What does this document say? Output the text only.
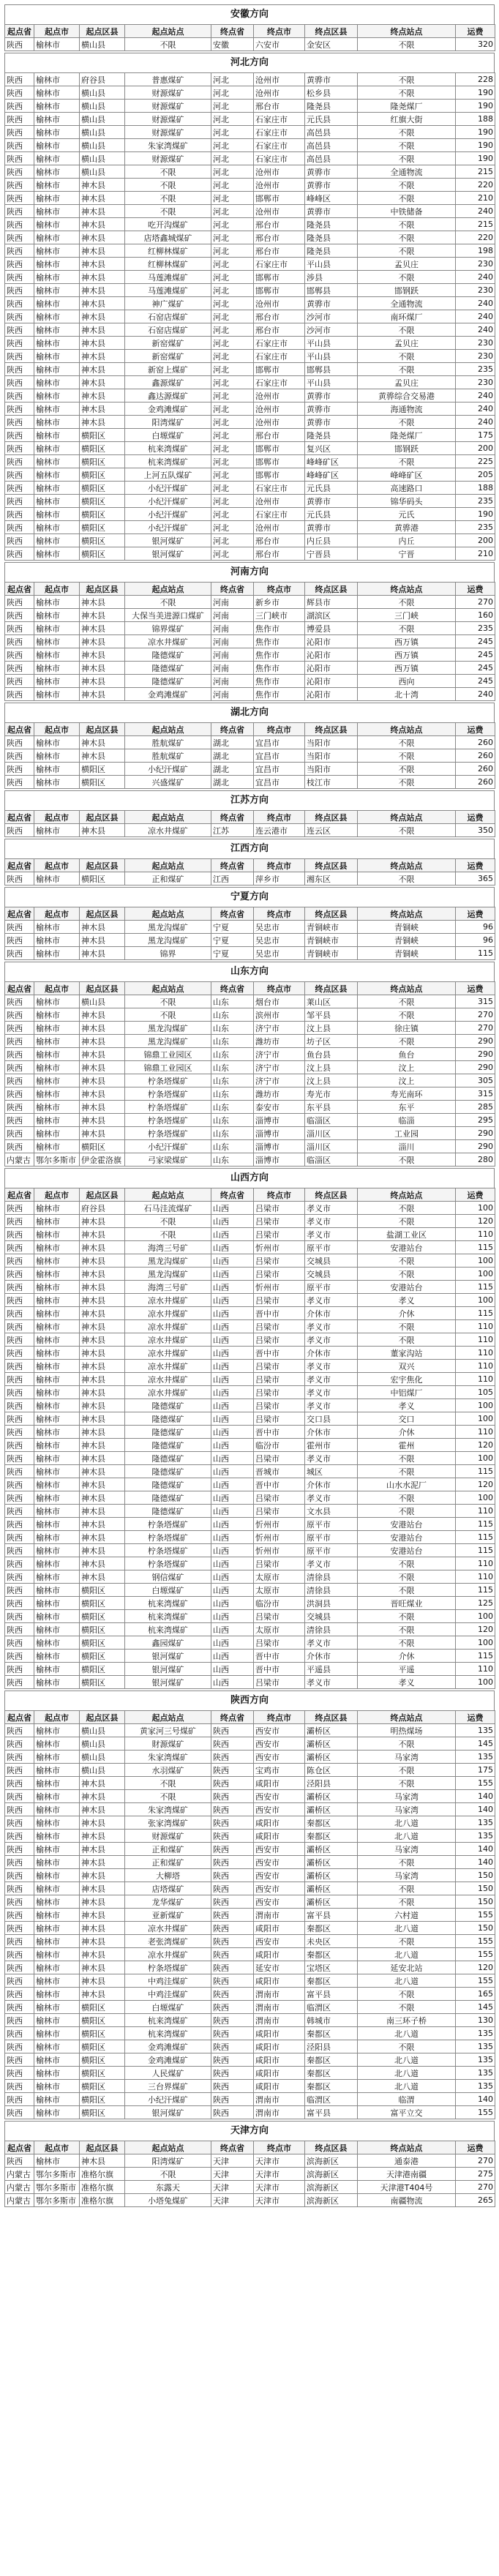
安徽方向
起点省	起点市	起点区县	起点站点	终点省	终点市	终点区县	终点站点	运费
陕西	榆林市	横山县	不限	安徽	六安市	金安区	不限	320
河北方向
陕西	榆林市	府谷县	普惠煤矿	河北	沧州市	黄骅市	不限	228
陕西	榆林市	横山县	财源煤矿	河北	沧州市	松乡县	不限	190
陕西	榆林市	横山县	财源煤矿	河北	邢台市	隆尧县	隆尧煤厂	190
陕西	榆林市	横山县	财源煤矿	河北	石家庄市	元氏县	红旗大街	188
陕西	榆林市	横山县	财源煤矿	河北	石家庄市	高邑县	不限	190
陕西	榆林市	横山县	朱家湾煤矿	河北	石家庄市	高邑县	不限	190
陕西	榆林市	横山县	财源煤矿	河北	石家庄市	高邑县	不限	190
陕西	榆林市	横山县	不限	河北	沧州市	黄骅市	全通物流	215
陕西	榆林市	神木县	不限	河北	沧州市	黄骅市	不限	220
陕西	榆林市	神木县	不限	河北	邯郸市	峰峰区	不限	210
陕西	榆林市	神木县	不限	河北	沧州市	黄骅市	中铁储备	240
陕西	榆林市	神木县	吃开沟煤矿	河北	邢台市	隆尧县	不限	215
陕西	榆林市	神木县	店塔鑫城煤矿	河北	邢台市	隆尧县	不限	220
陕西	榆林市	神木县	红柳林煤矿	河北	邢台市	隆尧县	不限	198
陕西	榆林市	神木县	红柳林煤矿	河北	石家庄市	平山县	孟贝庄	230
陕西	榆林市	神木县	马莲滩煤矿	河北	邯郸市	涉县	不限	240
陕西	榆林市	神木县	马莲滩煤矿	河北	邯郸市	邯郸县	邯钢跃	230
陕西	榆林市	神木县	神广煤矿	河北	沧州市	黄骅市	全通物流	240
陕西	榆林市	神木县	石窑店煤矿	河北	邢台市	沙河市	南环煤厂	240
陕西	榆林市	神木县	石窑店煤矿	河北	邢台市	沙河市	不限	240
陕西	榆林市	神木县	新窑煤矿	河北	石家庄市	平山县	孟贝庄	230
陕西	榆林市	神木县	新窑煤矿	河北	石家庄市	平山县	不限	230
陕西	榆林市	神木县	新窑上煤矿	河北	邯郸市	邯郸县	不限	235
陕西	榆林市	神木县	鑫源煤矿	河北	石家庄市	平山县	孟贝庄	230
陕西	榆林市	神木县	鑫达源煤矿	河北	沧州市	黄骅市	黄骅综合交易港	240
陕西	榆林市	神木县	金鸡滩煤矿	河北	沧州市	黄骅市	海通物流	240
陕西	榆林市	神木县	阳湾煤矿	河北	沧州市	黄骅市	不限	240
陕西	榆林市	横阳区	白塬煤矿	河北	邢台市	隆尧县	隆尧煤厂	175
陕西	榆林市	横阳区	杭来湾煤矿	河北	邯郸市	复兴区	邯钢跃	200
陕西	榆林市	横阳区	杭来湾煤矿	河北	邯郸市	峰峰矿区	不限	225
陕西	榆林市	横阳区	上河五队煤矿	河北	邯郸市	峰峰矿区	峰峰矿区	205
陕西	榆林市	横阳区	小纪汗煤矿	河北	石家庄市	元氏县	高速路口	188
陕西	榆林市	横阳区	小纪汗煤矿	河北	沧州市	黄骅市	锦华码头	235
陕西	榆林市	横阳区	小纪汗煤矿	河北	石家庄市	元氏县	元氏	190
陕西	榆林市	横阳区	小纪汗煤矿	河北	沧州市	黄骅市	黄骅港	235
陕西	榆林市	横阳区	银河煤矿	河北	邢台市	内丘县	内丘	200
陕西	榆林市	横阳区	银河煤矿	河北	邢台市	宁晋县	宁晋	210
河南方向
起点省	起点市	起点区县	起点站点	终点省	终点市	终点区县	终点站点	运费
陕西	榆林市	神木县	不限	河南	新乡市	辉县市	不限	270
陕西	榆林市	神木县	大保当美进源口煤矿	河南	三门峡市	湖滨区	三门峡	160
陕西	榆林市	神木县	锦界煤矿	河南	焦作市	博爱县	不限	235
陕西	榆林市	神木县	凉水井煤矿	河南	焦作市	沁阳市	西万镇	245
陕西	榆林市	神木县	隆德煤矿	河南	焦作市	沁阳市	西万镇	245
陕西	榆林市	神木县	隆德煤矿	河南	焦作市	沁阳市	西万镇	245
陕西	榆林市	神木县	隆德煤矿	河南	焦作市	沁阳市	西向	245
陕西	榆林市	神木县	金鸡滩煤矿	河南	焦作市	沁阳市	北十湾	240
湖北方向
起点省	起点市	起点区县	起点站点	终点省	终点市	终点区县	终点站点	运费
陕西	榆林市	神木县	胜航煤矿	湖北	宜昌市	当阳市	不限	260
陕西	榆林市	神木县	胜航煤矿	湖北	宜昌市	当阳市	不限	260
陕西	榆林市	横阳区	小纪汗煤矿	湖北	宜昌市	当阳市	不限	260
陕西	榆林市	横阳区	兴盛煤矿	湖北	宜昌市	枝江市	不限	260
江苏方向
起点省	起点市	起点区县	起点站点	终点省	终点市	终点区县	终点站点	运费
陕西	榆林市	神木县	凉水井煤矿	江苏	连云港市	连云区	不限	350
江西方向
起点省	起点市	起点区县	起点站点	终点省	终点市	终点区县	终点站点	运费
陕西	榆林市	横阳区	正和煤矿	江西	萍乡市	湘东区	不限	365
宁夏方向
起点省	起点市	起点区县	起点站点	终点省	终点市	终点区县	终点站点	运费
陕西	榆林市	神木县	黑龙沟煤矿	宁夏	吴忠市	青铜峡市	青铜峡	96
陕西	榆林市	神木县	黑龙沟煤矿	宁夏	吴忠市	青铜峡市	青铜峡	96
陕西	榆林市	神木县	锦界	宁夏	吴忠市	青铜峡市	青铜峡	115
山东方向
起点省	起点市	起点区县	起点站点	终点省	终点市	终点区县	终点站点	运费
陕西	榆林市	横山县	不限	山东	烟台市	莱山区	不限	315
陕西	榆林市	神木县	不限	山东	滨州市	邹平县	不限	270
陕西	榆林市	神木县	黑龙沟煤矿	山东	济宁市	汶上县	徐庄镇	270
陕西	榆林市	神木县	黑龙沟煤矿	山东	潍坊市	坊子区	不限	290
陕西	榆林市	神木县	锦鼎工业园区	山东	济宁市	鱼台县	鱼台	290
陕西	榆林市	神木县	锦鼎工业园区	山东	济宁市	汶上县	汶上	290
陕西	榆林市	神木县	柠条塔煤矿	山东	济宁市	汶上县	汶上	305
陕西	榆林市	神木县	柠条塔煤矿	山东	潍坊市	寿光市	寿光南环	315
陕西	榆林市	神木县	柠条塔煤矿	山东	泰安市	东平县	东平	285
陕西	榆林市	神木县	柠条塔煤矿	山东	淄博市	临淄区	临淄	295
陕西	榆林市	神木县	柠条塔煤矿	山东	淄博市	淄川区	工业园	290
陕西	榆林市	横阳区	小纪汗煤矿	山东	淄博市	淄川区	淄川	290
内蒙古	鄂尔多斯市	伊金霍洛旗	弓家梁煤矿	山东	淄博市	临淄区	不限	280
山西方向
起点省	起点市	起点区县	起点站点	终点省	终点市	终点区县	终点站点	运费
陕西	榆林市	府谷县	石马洼流煤矿	山西	吕梁市	孝义市	不限	100
陕西	榆林市	神木县	不限	山西	吕梁市	孝义市	不限	120
陕西	榆林市	神木县	不限	山西	吕梁市	孝义市	盐湖工业区	110
陕西	榆林市	神木县	海湾三号矿	山西	忻州市	原平市	安港站台	115
陕西	榆林市	神木县	黑龙沟煤矿	山西	吕梁市	交城县	不限	100
陕西	榆林市	神木县	黑龙沟煤矿	山西	吕梁市	交城县	不限	100
陕西	榆林市	神木县	海湾三号矿	山西	忻州市	原平市	安港站台	115
陕西	榆林市	神木县	凉水井煤矿	山西	吕梁市	孝义市	孝义	100
陕西	榆林市	神木县	凉水井煤矿	山西	晋中市	介休市	介休	115
陕西	榆林市	神木县	凉水井煤矿	山西	吕梁市	孝义市	不限	110
陕西	榆林市	神木县	凉水井煤矿	山西	吕梁市	孝义市	不限	110
陕西	榆林市	神木县	凉水井煤矿	山西	晋中市	介休市	董家沟站	110
陕西	榆林市	神木县	凉水井煤矿	山西	吕梁市	孝义市	双兴	110
陕西	榆林市	神木县	凉水井煤矿	山西	吕梁市	孝义市	宏宇焦化	110
陕西	榆林市	神木县	凉水井煤矿	山西	吕梁市	孝义市	中铝煤厂	105
陕西	榆林市	神木县	隆德煤矿	山西	吕梁市	孝义市	孝义	100
陕西	榆林市	神木县	隆德煤矿	山西	吕梁市	交口县	交口	100
陕西	榆林市	神木县	隆德煤矿	山西	晋中市	介休市	介休	110
陕西	榆林市	神木县	隆德煤矿	山西	临汾市	霍州市	霍州	120
陕西	榆林市	神木县	隆德煤矿	山西	吕梁市	孝义市	不限	100
陕西	榆林市	神木县	隆德煤矿	山西	晋城市	城区	不限	115
陕西	榆林市	神木县	隆德煤矿	山西	晋中市	介休市	山水水泥厂	120
陕西	榆林市	神木县	隆德煤矿	山西	吕梁市	孝义市	不限	100
陕西	榆林市	神木县	隆德煤矿	山西	吕梁市	文水县	不限	110
陕西	榆林市	神木县	柠条塔煤矿	山西	忻州市	原平市	安港站台	115
陕西	榆林市	神木县	柠条塔煤矿	山西	忻州市	原平市	安港站台	115
陕西	榆林市	神木县	柠条塔煤矿	山西	忻州市	原平市	安港站台	115
陕西	榆林市	神木县	柠条塔煤矿	山西	吕梁市	孝义市	不限	110
陕西	榆林市	神木县	钢信煤矿	山西	太原市	清徐县	不限	110
陕西	榆林市	横阳区	白塬煤矿	山西	太原市	清徐县	不限	115
陕西	榆林市	横阳区	杭来湾煤矿	山西	临汾市	洪洞县	晋旺煤业	125
陕西	榆林市	横阳区	杭来湾煤矿	山西	吕梁市	交城县	不限	100
陕西	榆林市	横阳区	杭来湾煤矿	山西	太原市	清徐县	不限	120
陕西	榆林市	横阳区	鑫园煤矿	山西	吕梁市	孝义市	不限	100
陕西	榆林市	横阳区	银河煤矿	山西	晋中市	介休市	介休	115
陕西	榆林市	横阳区	银河煤矿	山西	晋中市	平遥县	平遥	110
陕西	榆林市	横阳区	银河煤矿	山西	吕梁市	孝义市	孝义	100
陕西方向
起点省	起点市	起点区县	起点站点	终点省	终点市	终点区县	终点站点	运费
陕西	榆林市	横山县	黄家河三号煤矿	陕西	西安市	灞桥区	明热煤场	135
陕西	榆林市	横山县	財源煤矿	陕西	西安市	灞桥区	不限	145
陕西	榆林市	横山县	朱家湾煤矿	陕西	西安市	灞桥区	马家湾	135
陕西	榆林市	横山县	水羽煤矿	陕西	宝鸡市	陈仓区	不限	175
陕西	榆林市	神木县	不限	陕西	咸阳市	泾阳县	不限	155
陕西	榆林市	神木县	不限	陕西	西安市	灞桥区	马家湾	140
陕西	榆林市	神木县	朱家湾煤矿	陕西	西安市	灞桥区	马家湾	140
陕西	榆林市	神木县	张家湾煤矿	陕西	咸阳市	秦都区	北八道	135
陕西	榆林市	神木县	财源煤矿	陕西	咸阳市	秦都区	北八道	135
陕西	榆林市	神木县	正和煤矿	陕西	西安市	灞桥区	马家湾	140
陕西	榆林市	神木县	正和煤矿	陕西	西安市	灞桥区	不限	140
陕西	榆林市	神木县	大柳塔	陕西	西安市	灞桥区	马家湾	150
陕西	榆林市	神木县	店塔煤矿	陕西	西安市	灞桥区	不限	150
陕西	榆林市	神木县	龙华煤矿	陕西	西安市	灞桥区	不限	150
陕西	榆林市	神木县	亚新煤矿	陕西	渭南市	富平县	六村道	155
陕西	榆林市	神木县	凉水井煤矿	陕西	咸阳市	秦都区	北八道	150
陕西	榆林市	神木县	老张湾煤矿	陕西	西安市	未央区	不限	155
陕西	榆林市	神木县	凉水井煤矿	陕西	咸阳市	秦都区	北八道	155
陕西	榆林市	神木县	柠条塔煤矿	陕西	延安市	宝塔区	延安北站	120
陕西	榆林市	神木县	中鸡洼煤矿	陕西	咸阳市	秦都区	北八道	155
陕西	榆林市	神木县	中鸡洼煤矿	陕西	渭南市	富平县	不限	165
陕西	榆林市	横阳区	白塬煤矿	陕西	渭南市	临渭区	不限	145
陕西	榆林市	横阳区	杭来湾煤矿	陕西	渭南市	韩城市	南三环子桥	130
陕西	榆林市	横阳区	杭来湾煤矿	陕西	咸阳市	秦都区	北八道	135
陕西	榆林市	横阳区	金鸡滩煤矿	陕西	咸阳市	泾阳县	不限	135
陕西	榆林市	横阳区	金鸡滩煤矿	陕西	咸阳市	秦都区	北八道	135
陕西	榆林市	横阳区	人民煤矿	陕西	咸阳市	秦都区	北八道	135
陕西	榆林市	横阳区	三台界煤矿	陕西	咸阳市	秦都区	北八道	135
陕西	榆林市	横阳区	小纪汗煤矿	陕西	渭南市	临渭区	临渭	140
陕西	榆林市	横阳区	银河煤矿	陕西	渭南市	富平县	富平立交	155
天津方向
起点省	起点市	起点区县	起点站点	终点省	终点市	终点区县	终点站点	运费
陕西	榆林市	神木县	阳湾煤矿	天津	天津市	滨海新区	通泰港	270
内蒙古	鄂尔多斯市	准格尔旗	不限	天津	天津市	滨海新区	天津港南疆	275
内蒙古	鄂尔多斯市	准格尔旗	东露天	天津	天津市	滨海新区	天津港T404号	270
内蒙古	鄂尔多斯市	准格尔旗	小塔兔煤矿	天津	天津市	滨海新区	南疆物流	265
